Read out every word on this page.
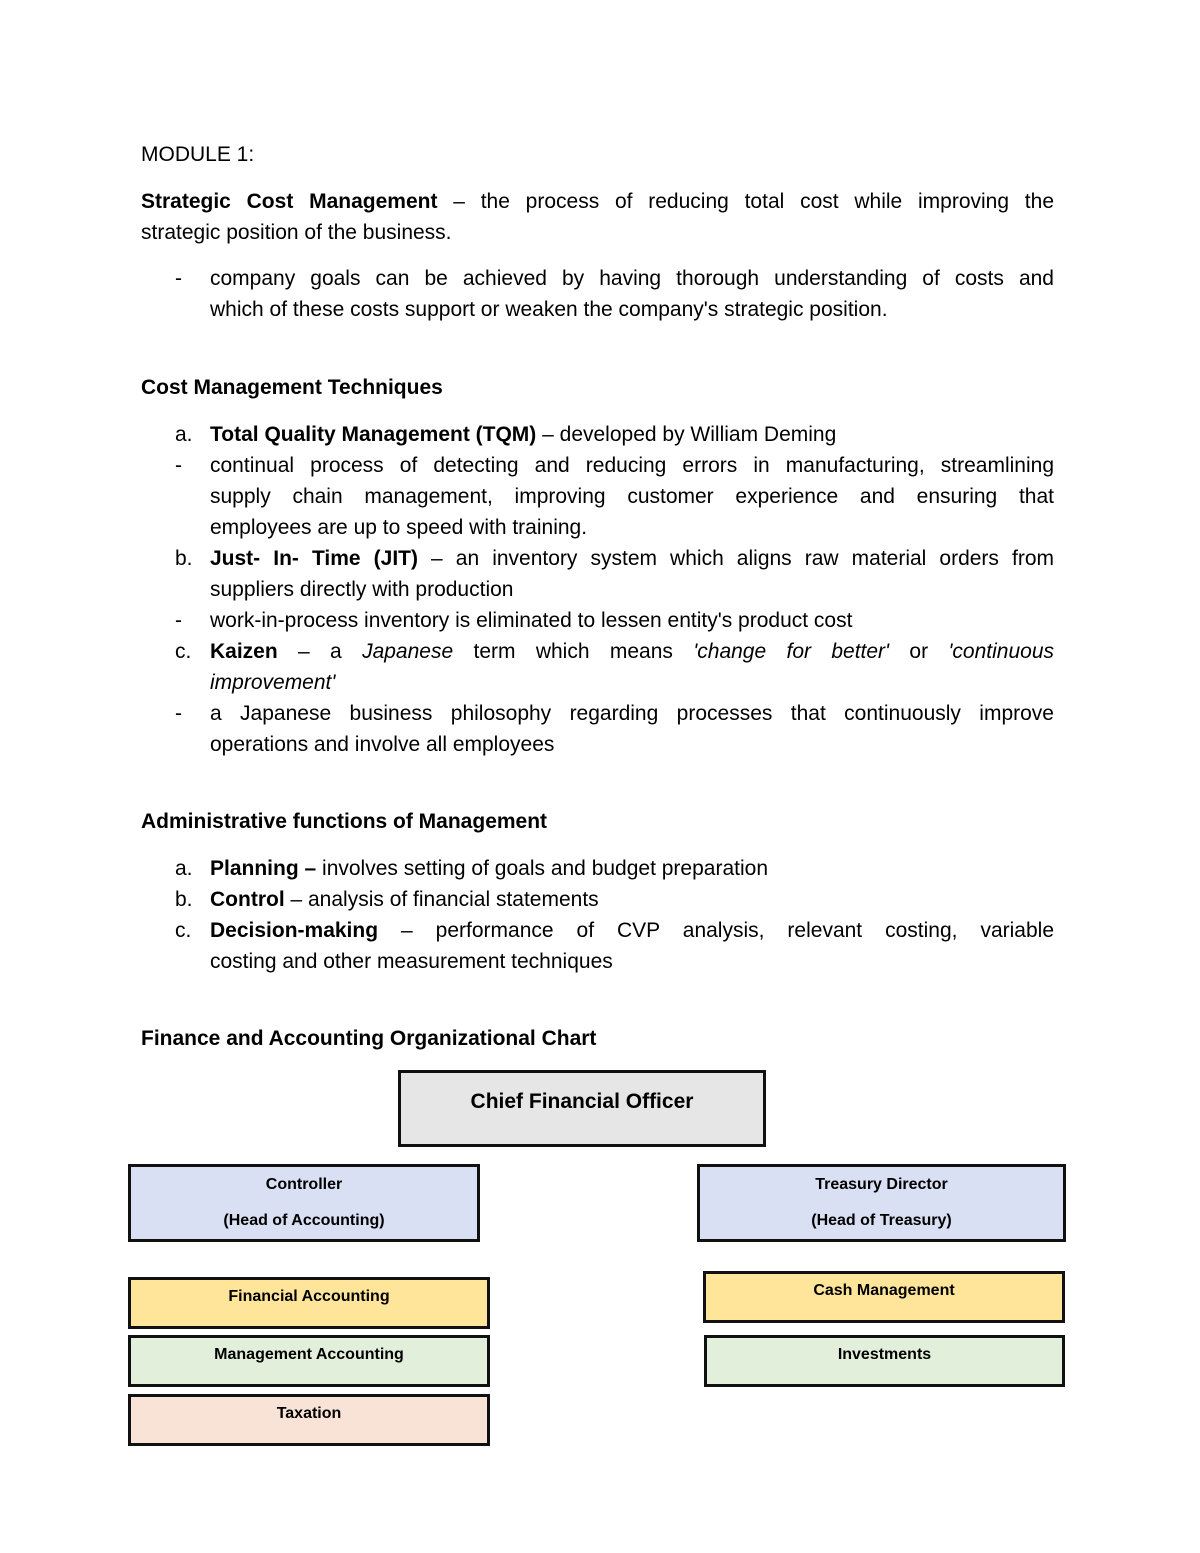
MODULE 1:
Strategic Cost Management – the process of reducing total cost while improving the
strategic position of the business.
- company goals can be achieved by having thorough understanding of costs and
which of these costs support or weaken the company's strategic position.
Cost Management Techniques
a. Total Quality Management (TQM) – developed by William Deming
- continual process of detecting and reducing errors in manufacturing, streamlining
supply chain management, improving customer experience and ensuring that
employees are up to speed with training.
b. Just- In- Time (JIT) – an inventory system which aligns raw material orders from
suppliers directly with production
- work-in-process inventory is eliminated to lessen entity's product cost
c. Kaizen – a Japanese term which means 'change for better' or 'continuous
improvement'
- a Japanese business philosophy regarding processes that continuously improve
operations and involve all employees
Administrative functions of Management
a. Planning – involves setting of goals and budget preparation
b. Control – analysis of financial statements
c. Decision-making – performance of CVP analysis, relevant costing, variable
costing and other measurement techniques
Finance and Accounting Organizational Chart
Chief Financial Officer
Controller
(Head of Accounting)
Treasury Director
(Head of Treasury)
Financial Accounting
Management Accounting
Taxation
Cash Management
Investments
